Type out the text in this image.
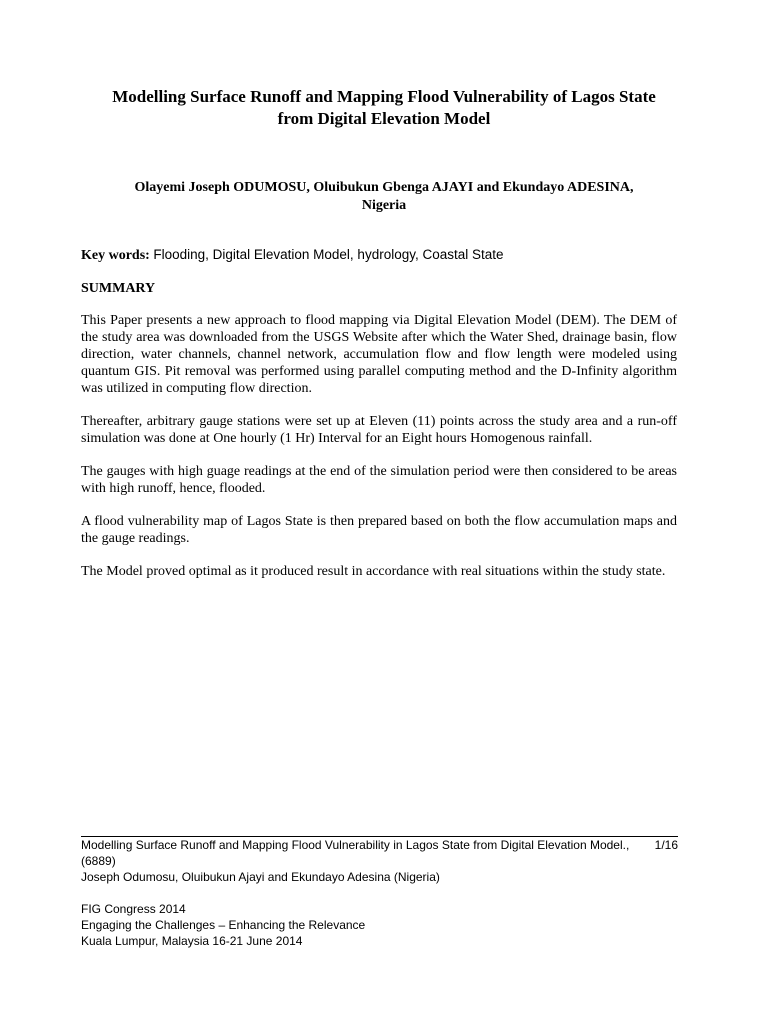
Modelling Surface Runoff and Mapping Flood Vulnerability of Lagos State
from Digital Elevation Model

Olayemi Joseph ODUMOSU, Oluibukun Gbenga AJAYI and Ekundayo ADESINA,
Nigeria

Key words: Flooding, Digital Elevation Model, hydrology, Coastal State

SUMMARY

This Paper presents a new approach to flood mapping via Digital Elevation Model (DEM). The DEM of the study area was downloaded from the USGS Website after which the Water Shed, drainage basin, flow direction, water channels, channel network, accumulation flow and flow length were modeled using quantum GIS. Pit removal was performed using parallel computing method and the D-Infinity algorithm was utilized in computing flow direction.

Thereafter, arbitrary gauge stations were set up at Eleven (11) points across the study area and a run-off simulation was done at One hourly (1 Hr) Interval for an Eight hours Homogenous rainfall.

The gauges with high guage readings at the end of the simulation period were then considered to be areas with high runoff, hence, flooded.

A flood vulnerability map of Lagos State is then prepared based on both the flow accumulation maps and the gauge readings.

The Model proved optimal as it produced result in accordance with real situations within the study state.

Modelling Surface Runoff and Mapping Flood Vulnerability in Lagos State from Digital Elevation Model., (6889)

1/16

Joseph Odumosu, Oluibukun Ajayi and Ekundayo Adesina (Nigeria)

FIG Congress 2014

Engaging the Challenges – Enhancing the Relevance

Kuala Lumpur, Malaysia 16-21 June 2014
